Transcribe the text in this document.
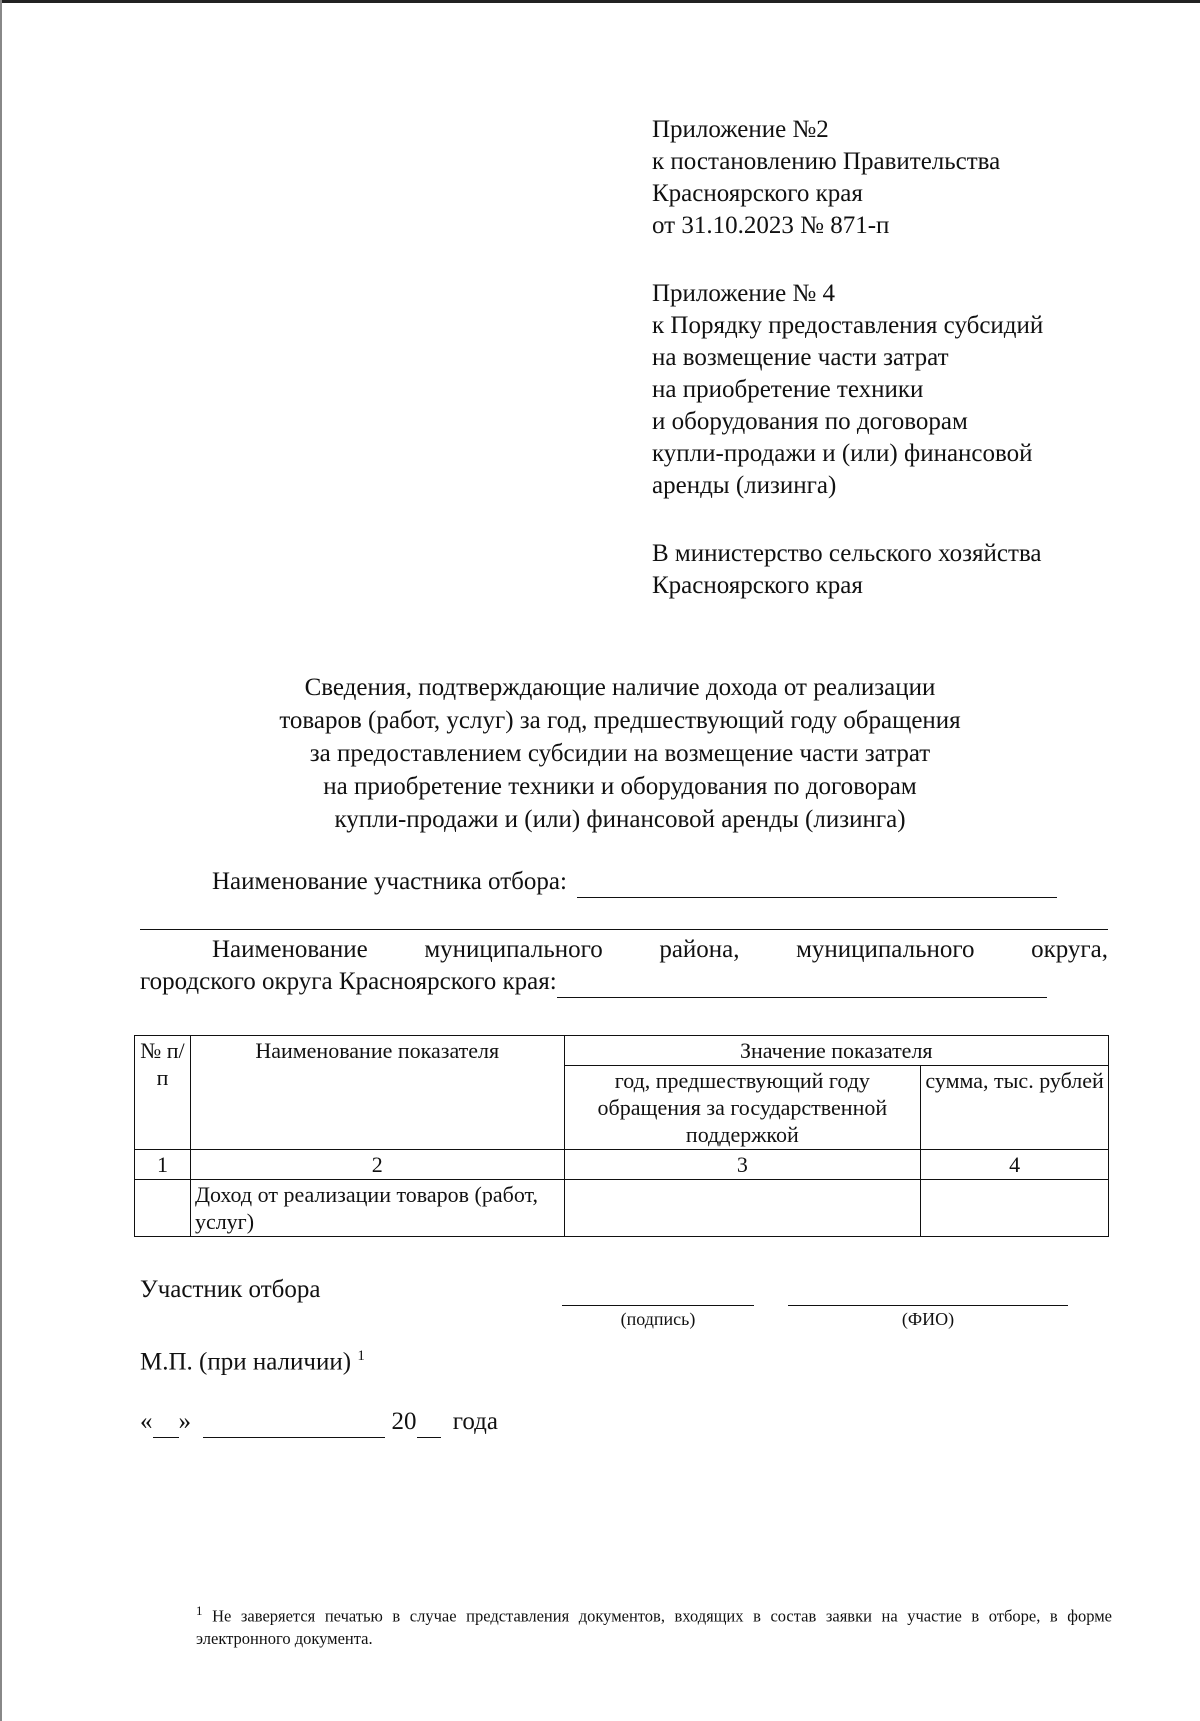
Приложение №2
к постановлению Правительства
Красноярского края
от 31.10.2023 № 871-п
Приложение № 4
к Порядку предоставления субсидий
на возмещение части затрат
на приобретение техники
и оборудования по договорам
купли-продажи и (или) финансовой
аренды (лизинга)
В министерство сельского хозяйства
Красноярского края
Сведения, подтверждающие наличие дохода от реализации
товаров (работ, услуг) за год, предшествующий году обращения
за предоставлением субсидии на возмещение части затрат
на приобретение техники и оборудования по договорам
купли-продажи и (или) финансовой аренды (лизинга)
Наименование участника отбора:
Наименование муниципального района, муниципального округа,
городского округа Красноярского края:
№ п/п	Наименование показателя	Значение показателя	
		год, предшествующий году обращения за государственной поддержкой	сумма, тыс. рублей
1	2	3	4
	Доход от реализации товаров (работ, услуг)		
Участник отбора
(подпись)	(ФИО)
М.П. (при наличии) $^1$
« »	20 года
$^1$ Не заверяется печатью в случае представления документов, входящих в состав заявки на участие в отборе, в форме электронного документа.
